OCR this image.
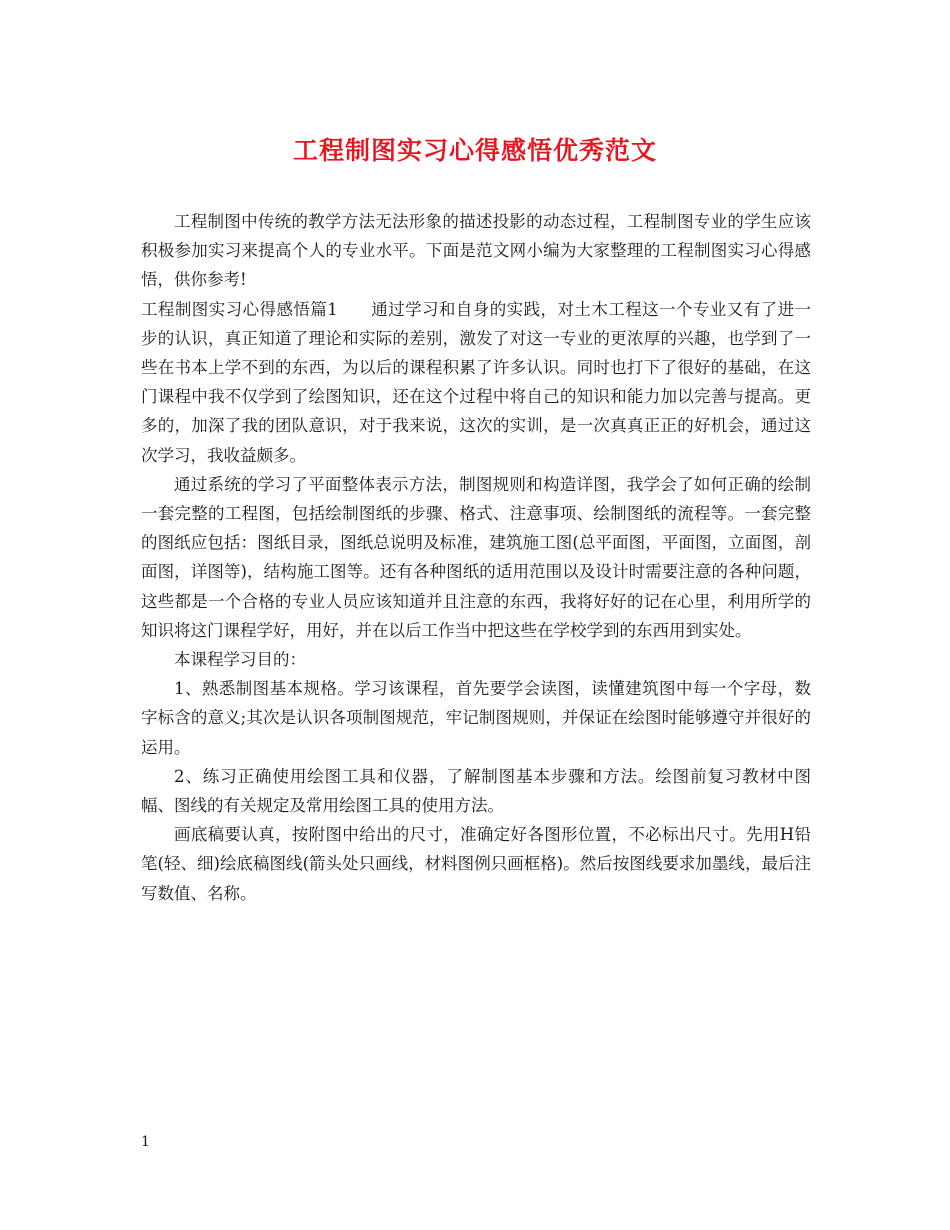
工程制图实习心得感悟优秀范文

工程制图中传统的教学方法无法形象的描述投影的动态过程，工程制图专业的学生应该积极参加实习来提高个人的专业水平。下面是范文网小编为大家整理的工程制图实习心得感悟，供你参考!

工程制图实习心得感悟篇1 通过学习和自身的实践，对土木工程这一个专业又有了进一步的认识，真正知道了理论和实际的差别，激发了对这一专业的更浓厚的兴趣，也学到了一些在书本上学不到的东西，为以后的课程积累了许多认识。同时也打下了很好的基础，在这门课程中我不仅学到了绘图知识，还在这个过程中将自己的知识和能力加以完善与提高。更多的，加深了我的团队意识，对于我来说，这次的实训，是一次真真正正的好机会，通过这次学习，我收益颇多。

通过系统的学习了平面整体表示方法，制图规则和构造详图，我学会了如何正确的绘制一套完整的工程图，包括绘制图纸的步骤、格式、注意事项、绘制图纸的流程等。一套完整的图纸应包括：图纸目录，图纸总说明及标准，建筑施工图(总平面图，平面图，立面图，剖面图，详图等)，结构施工图等。还有各种图纸的适用范围以及设计时需要注意的各种问题，这些都是一个合格的专业人员应该知道并且注意的东西，我将好好的记在心里，利用所学的知识将这门课程学好，用好，并在以后工作当中把这些在学校学到的东西用到实处。

本课程学习目的：

1、熟悉制图基本规格。学习该课程，首先要学会读图，读懂建筑图中每一个字母，数字标含的意义;其次是认识各项制图规范，牢记制图规则，并保证在绘图时能够遵守并很好的运用。

2、练习正确使用绘图工具和仪器，了解制图基本步骤和方法。绘图前复习教材中图幅、图线的有关规定及常用绘图工具的使用方法。

画底稿要认真，按附图中给出的尺寸，准确定好各图形位置，不必标出尺寸。先用H铅笔(轻、细)绘底稿图线(箭头处只画线，材料图例只画框格)。然后按图线要求加墨线，最后注写数值、名称。

1
